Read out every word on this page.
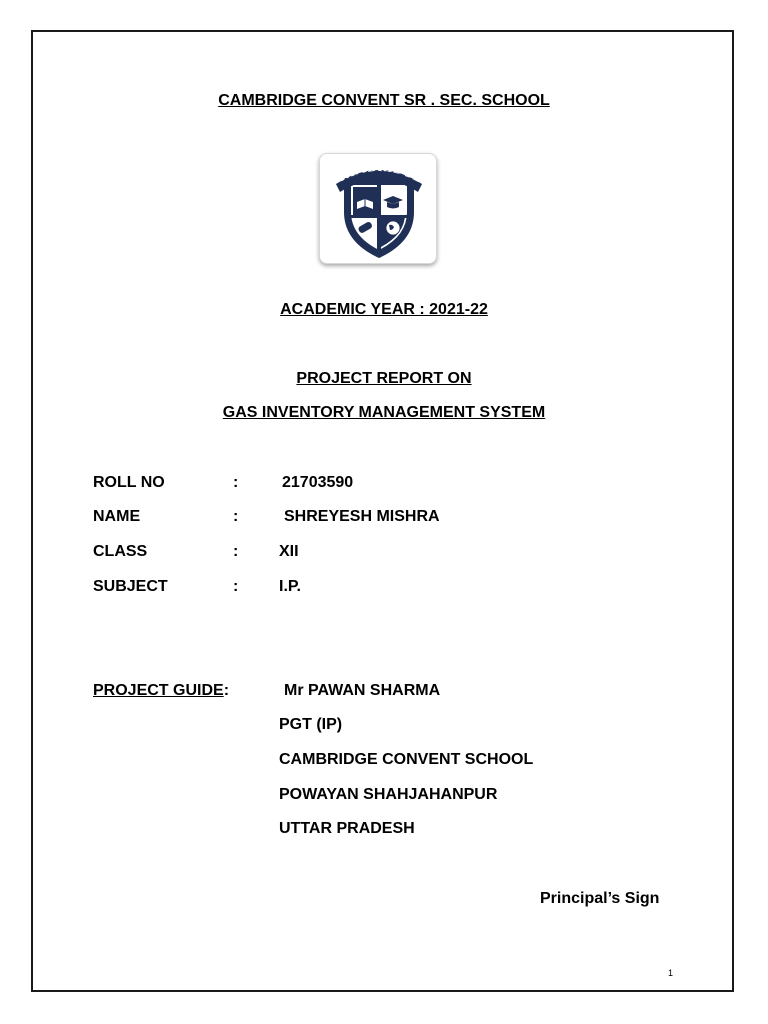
CAMBRIDGE CONVENT SR . SEC. SCHOOL
CAMBRIDGE
CONVENT SCHOOL
ACADEMIC YEAR : 2021-22
PROJECT REPORT ON
GAS INVENTORY MANAGEMENT SYSTEM
ROLL NO	:	21703590
NAME	:	SHREYESH MISHRA
CLASS	:	XII
SUBJECT	:	I.P.
PROJECT GUIDE:	Mr PAWAN SHARMA
PGT (IP)
CAMBRIDGE CONVENT SCHOOL
POWAYAN SHAHJAHANPUR
UTTAR PRADESH
Principal’s Sign
1
